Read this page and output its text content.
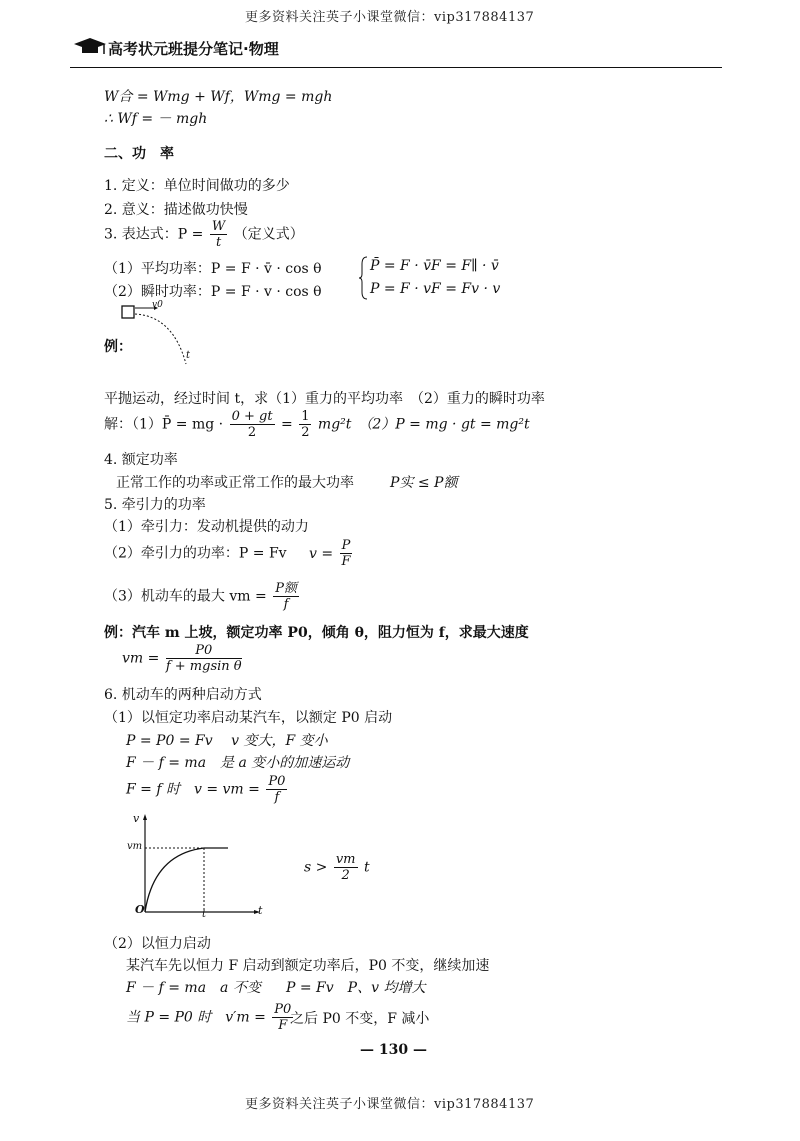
更多资料关注英子小课堂微信：vip317884137
高考状元班提分笔记·物理
W合 = Wmg + Wf，Wmg = mgh
∴ Wf = － mgh
二、功　率
1. 定义：单位时间做功的多少
2. 意义：描述做功快慢
3. 表达式：$P = \frac{W}{t}$ （定义式）
（1）平均功率：P = F · v̄ · cos θ
（2）瞬时功率：P = F · v · cos θ
P̄ = F · v̄F = F∥ · v̄
P = F · vF = Fv · v
v0
t
例：
平抛运动，经过时间 t，求（1）重力的平均功率　（2）重力的瞬时功率
解：（1）P̄ = mg · $\frac{0 + gt}{2} = \frac{1}{2} mg^2t$　（2）P = mg · gt = mg²t
4. 额定功率
正常工作的功率或正常工作的最大功率	P实 ≤ P额
5. 牵引力的功率
（1）牵引力：发动机提供的动力
（2）牵引力的功率：P = Fv $v = \frac{P}{F}$
（3）机动车的最大 vm = $\frac{\text{P额}}{f}$
例：汽车 m 上坡，额定功率 P0，倾角 θ，阻力恒为 f，求最大速度
vm = $\frac{P0}{\text{f + mgsin θ}}$
6. 机动车的两种启动方式
（1）以恒定功率启动某汽车，以额定 P0 启动
P = P0 = Fv　 v 变大，F 变小
F － f = ma　是 a 变小的加速运动
F = f 时　v = vm = $\frac{P0}{f}$
v
vm
O	t	t
$s > \frac{vm}{2}$ t
（2）以恒力启动
某汽车先以恒力 F 启动到额定功率后，P0 不变，继续加速
F － f = ma　a 不变 P = Fv　P、v 均增大
当 P = P0 时　$v'm = \frac{P0}{F}$
之后 P0 不变，F 减小
— 130 —
更多资料关注英子小课堂微信：vip317884137
